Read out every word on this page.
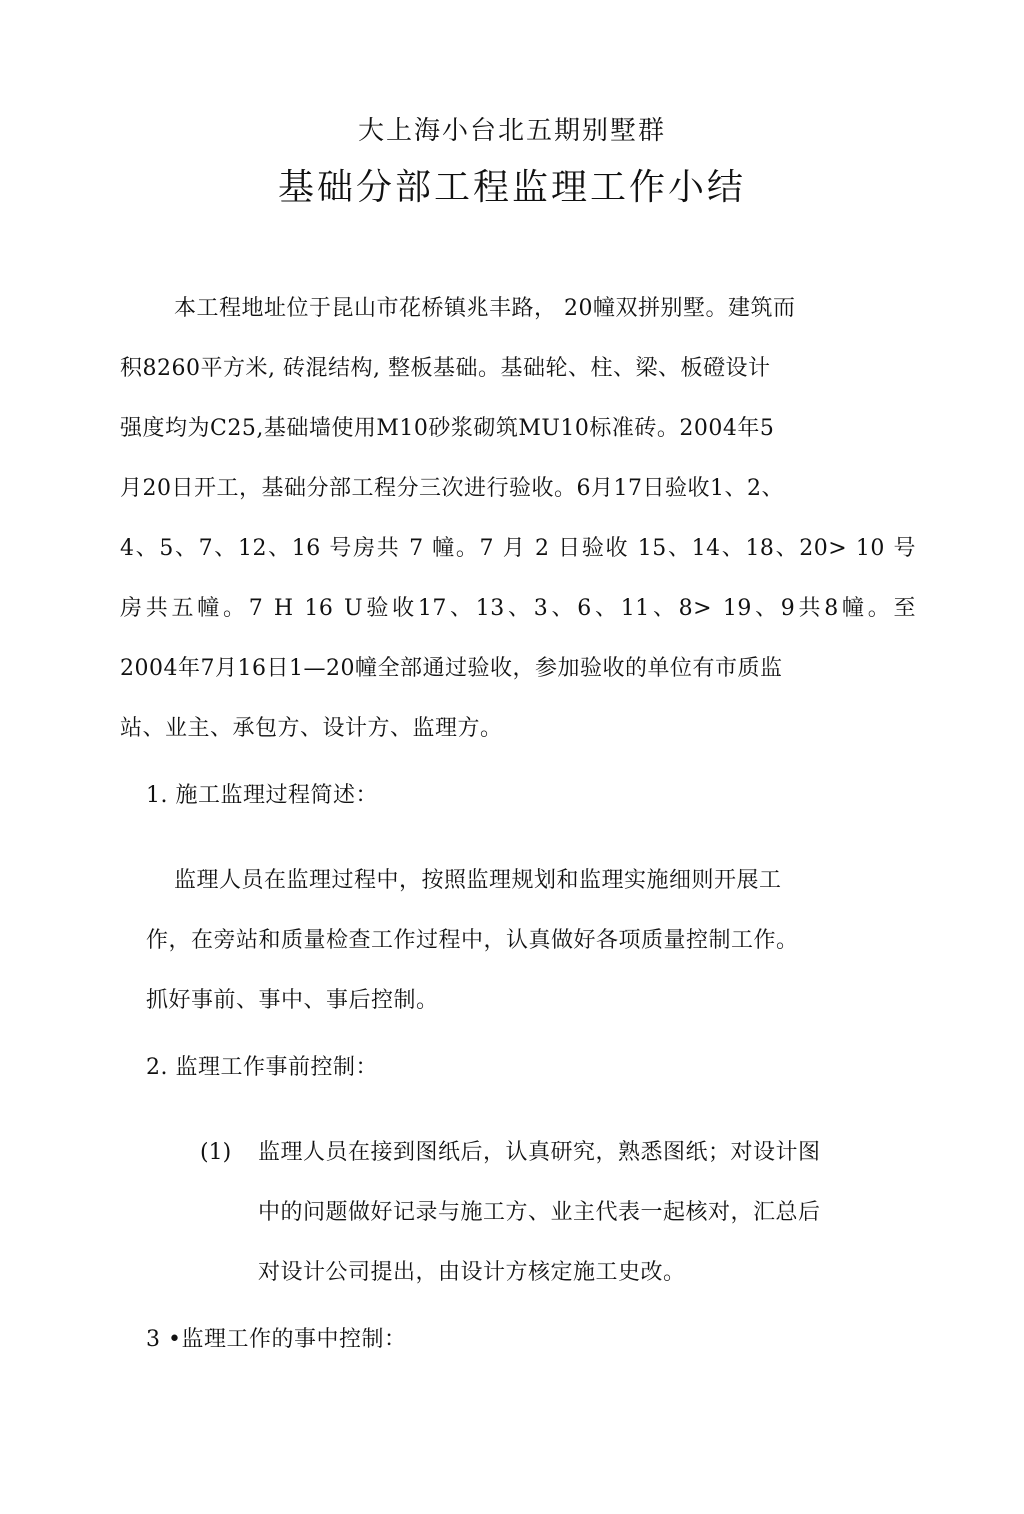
大上海小台北五期别墅群
基础分部工程监理工作小结
本工程地址位于昆山市花桥镇兆丰路， 20幢双拼别墅。建筑而
积8260平方米, 砖混结构, 整板基础。基础轮、柱、梁、板磴设计
强度均为C25,基础墙使用M10砂浆砌筑MU10标准砖。2004年5
月20日开工，基础分部工程分三次进行验收。6月17日验收1、2、
4、5、7、12、16 号房共 7 幢。7 月 2 日验收 15、14、18、20> 10 号
房共五幢。7 H 16 U验收17、13、3、6、11、8> 19、9共8幢。至
2004年7月16日1—20幢全部通过验收，参加验收的单位有市质监
站、业主、承包方、设计方、监理方。
1. 施工监理过程简述：
监理人员在监理过程中，按照监理规划和监理实施细则开展工
作，在旁站和质量检查工作过程中，认真做好各项质量控制工作。
抓好事前、事中、事后控制。
2. 监理工作事前控制：
(1) 监理人员在接到图纸后，认真研究，熟悉图纸；对设计图
中的问题做好记录与施工方、业主代表一起核对，汇总后
对设计公司提出，由设计方核定施工史改。
3 •监理工作的事中控制：
